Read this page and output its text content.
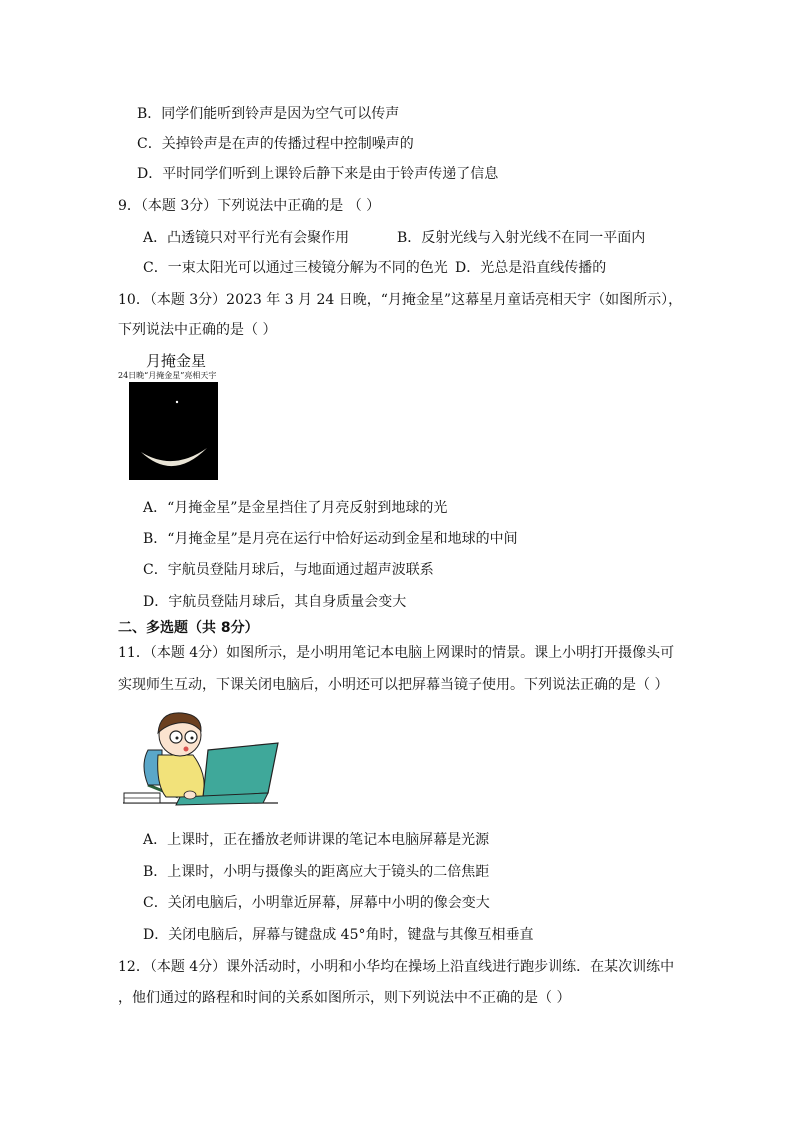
B．同学们能听到铃声是因为空气可以传声
C．关掉铃声是在声的传播过程中控制噪声的
D．平时同学们听到上课铃后静下来是由于铃声传递了信息
9．（本题 3分）下列说法中正确的是 （ ）
A．凸透镜只对平行光有会聚作用	B．反射光线与入射光线不在同一平面内
C．一束太阳光可以通过三棱镜分解为不同的色光 D．光总是沿直线传播的
10．（本题 3分）2023 年 3 月 24 日晚，“月掩金星”这幕星月童话亮相天宇（如图所示），
下列说法中正确的是（ ）
月掩金星
24日晚“月掩金星”亮相天宇
A．“月掩金星”是金星挡住了月亮反射到地球的光
B．“月掩金星”是月亮在运行中恰好运动到金星和地球的中间
C．宇航员登陆月球后，与地面通过超声波联系
D．宇航员登陆月球后，其自身质量会变大
二、多选题（共 8分）
11．（本题 4分）如图所示，是小明用笔记本电脑上网课时的情景。课上小明打开摄像头可
实现师生互动，下课关闭电脑后，小明还可以把屏幕当镜子使用。下列说法正确的是（ ）
A．上课时，正在播放老师讲课的笔记本电脑屏幕是光源
B．上课时，小明与摄像头的距离应大于镜头的二倍焦距
C．关闭电脑后，小明靠近屏幕，屏幕中小明的像会变大
D．关闭电脑后，屏幕与键盘成 45°角时，键盘与其像互相垂直
12．（本题 4分）课外活动时，小明和小华均在操场上沿直线进行跑步训练．在某次训练中
，他们通过的路程和时间的关系如图所示，则下列说法中不正确的是（ ）
